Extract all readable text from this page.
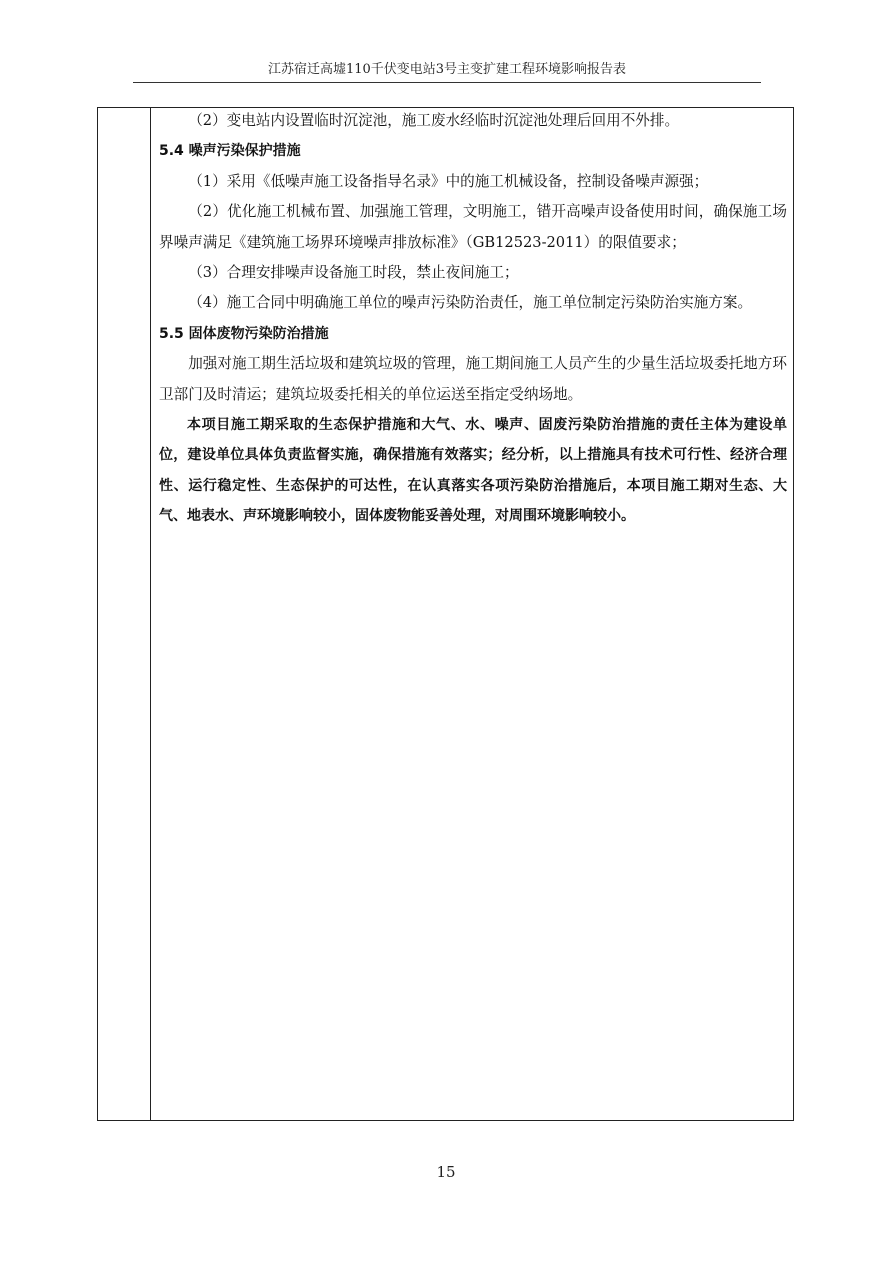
江苏宿迁高墟110千伏变电站3号主变扩建工程环境影响报告表

（2）变电站内设置临时沉淀池，施工废水经临时沉淀池处理后回用不外排。

5.4 噪声污染保护措施

（1）采用《低噪声施工设备指导名录》中的施工机械设备，控制设备噪声源强；

（2）优化施工机械布置、加强施工管理，文明施工，错开高噪声设备使用时间，确保施工场界噪声满足《建筑施工场界环境噪声排放标准》（GB12523-2011）的限值要求；

（3）合理安排噪声设备施工时段，禁止夜间施工；

（4）施工合同中明确施工单位的噪声污染防治责任，施工单位制定污染防治实施方案。

5.5 固体废物污染防治措施

加强对施工期生活垃圾和建筑垃圾的管理，施工期间施工人员产生的少量生活垃圾委托地方环卫部门及时清运；建筑垃圾委托相关的单位运送至指定受纳场地。

本项目施工期采取的生态保护措施和大气、水、噪声、固废污染防治措施的责任主体为建设单位，建设单位具体负责监督实施，确保措施有效落实；经分析，以上措施具有技术可行性、经济合理性、运行稳定性、生态保护的可达性，在认真落实各项污染防治措施后，本项目施工期对生态、大气、地表水、声环境影响较小，固体废物能妥善处理，对周围环境影响较小。

15
